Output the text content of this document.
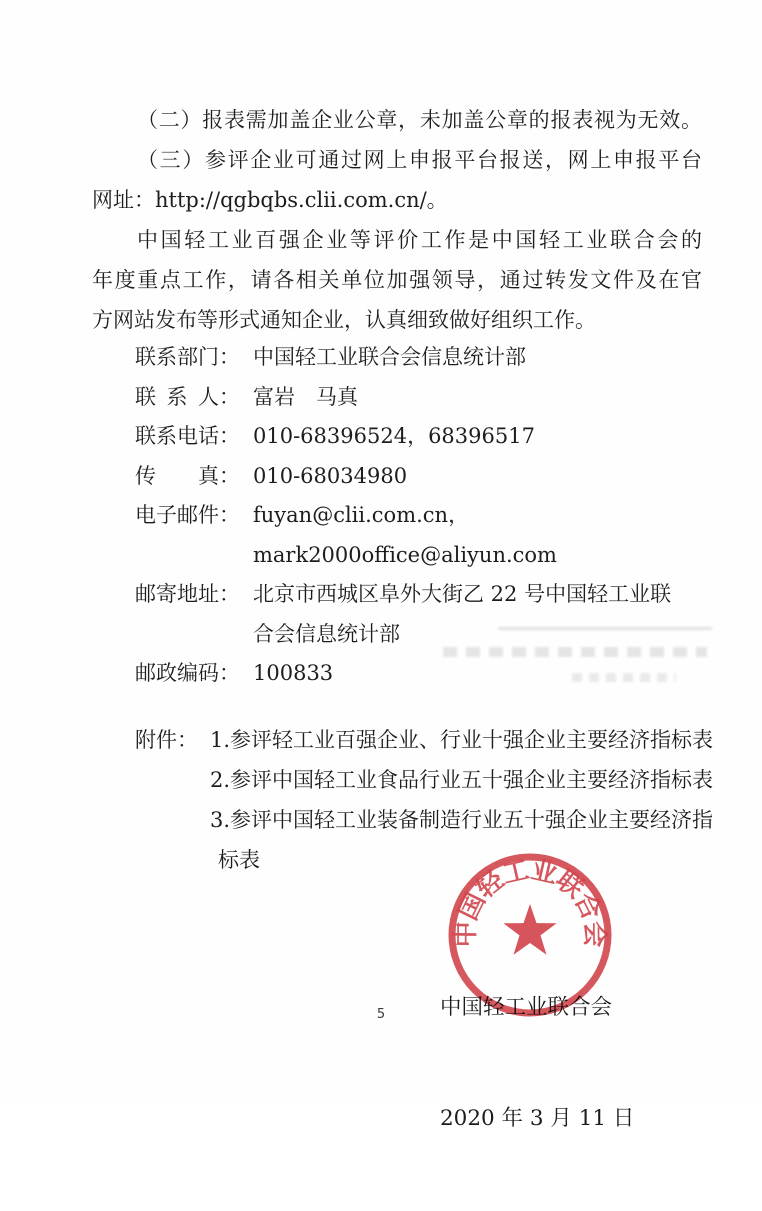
（二）报表需加盖企业公章，未加盖公章的报表视为无效。

（三）参评企业可通过网上申报平台报送，网上申报平台

网址：http://qgbqbs.clii.com.cn/。

中国轻工业百强企业等评价工作是中国轻工业联合会的

年度重点工作，请各相关单位加强领导，通过转发文件及在官

方网站发布等形式通知企业，认真细致做好组织工作。

联系部门： 中国轻工业联合会信息统计部
联 系 人： 富岩　马真
联系电话： 010-68396524，68396517
传　　真： 010-68034980
电子邮件： fuyan@clii.com.cn，
mark2000office@aliyun.com
邮寄地址： 北京市西城区阜外大街乙 22 号中国轻工业联
合会信息统计部
邮政编码： 100833
附件： 1.参评轻工业百强企业、行业十强企业主要经济指标表
2.参评中国轻工业食品行业五十强企业主要经济指标表
3.参评中国轻工业装备制造行业五十强企业主要经济指
标表

中国轻工业联合会

2020 年 3 月 11 日

中国轻工业联合会
5
